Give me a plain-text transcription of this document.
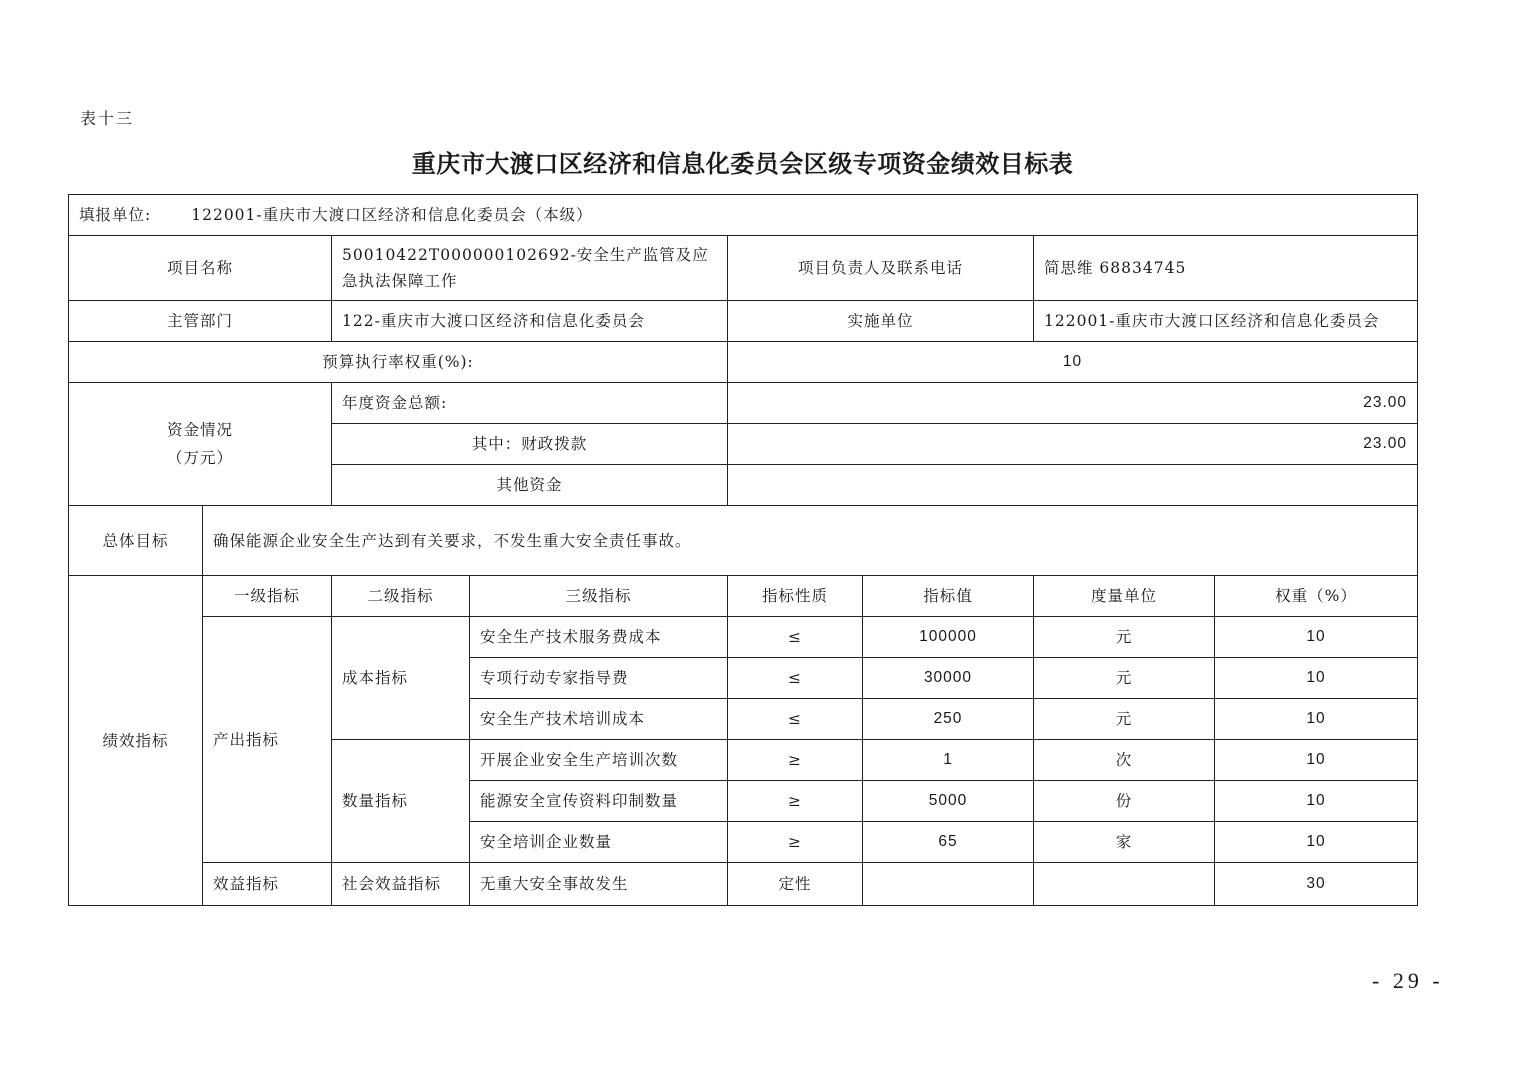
表十三
重庆市大渡口区经济和信息化委员会区级专项资金绩效目标表
填报单位: 122001-重庆市大渡口区经济和信息化委员会（本级）							
项目名称		50010422T000000102692-安全生产监管及应急执法保障工作		项目负责人及联系电话		简思维 68834745	
主管部门		122-重庆市大渡口区经济和信息化委员会		实施单位		122001-重庆市大渡口区经济和信息化委员会	
预算执行率权重(%):				10			

资金情况
（万元）		年度资金总额:		23.00			
		其中：财政拨款		23.00			
		其他资金					
总体目标	确保能源企业安全生产达到有关要求，不发生重大安全责任事故。						
绩效指标	一级指标	二级指标	三级指标	指标性质	指标值	度量单位	权重（%）
	产出指标	成本指标	安全生产技术服务费成本	≤	100000	元	10
			专项行动专家指导费	≤	30000	元	10
			安全生产技术培训成本	≤	250	元	10
		数量指标	开展企业安全生产培训次数	≥	1	次	10
			能源安全宣传资料印制数量	≥	5000	份	10
			安全培训企业数量	≥	65	家	10
	效益指标	社会效益指标	无重大安全事故发生	定性			30
- 29 -
